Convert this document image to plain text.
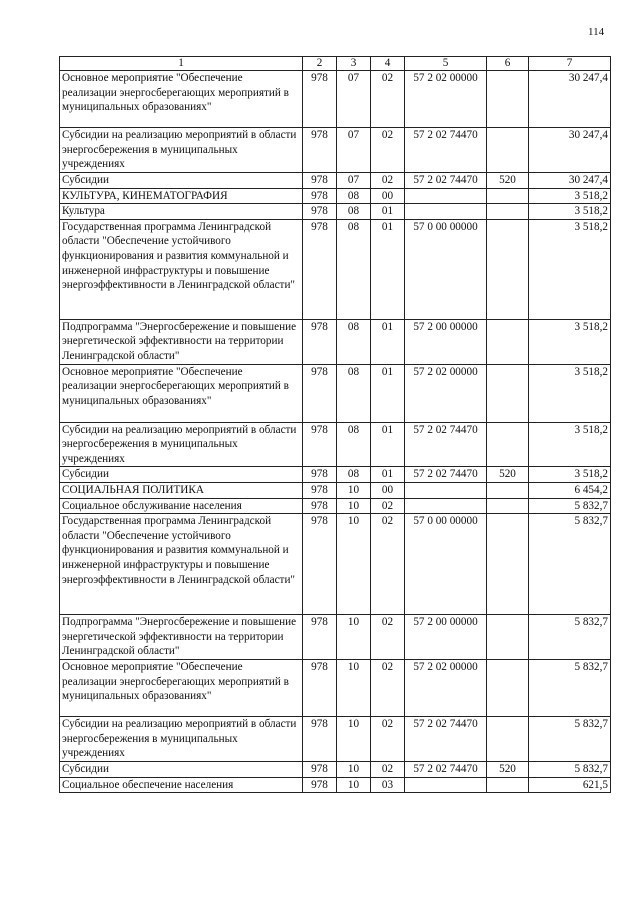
114
1	2	3	4	5	6	7
Основное мероприятие "Обеспечение реализации энергосберегающих мероприятий в муниципальных образованиях"	978	07	02	57 2 02 00000		30 247,4
Субсидии на реализацию мероприятий в области энергосбережения в муниципальных учреждениях	978	07	02	57 2 02 74470		30 247,4
Субсидии	978	07	02	57 2 02 74470	520	30 247,4
КУЛЬТУРА, КИНЕМАТОГРАФИЯ	978	08	00			3 518,2
Культура	978	08	01			3 518,2
Государственная программа Ленинградской области "Обеспечение устойчивого функционирования и развития коммунальной и инженерной инфраструктуры и повышение энергоэффективности в Ленинградской области"	978	08	01	57 0 00 00000		3 518,2
Подпрограмма "Энергосбережение и повышение энергетической эффективности на территории Ленинградской области"	978	08	01	57 2 00 00000		3 518,2
Основное мероприятие "Обеспечение реализации энергосберегающих мероприятий в муниципальных образованиях"	978	08	01	57 2 02 00000		3 518,2
Субсидии на реализацию мероприятий в области энергосбережения в муниципальных учреждениях	978	08	01	57 2 02 74470		3 518,2
Субсидии	978	08	01	57 2 02 74470	520	3 518,2
СОЦИАЛЬНАЯ ПОЛИТИКА	978	10	00			6 454,2
Социальное обслуживание населения	978	10	02			5 832,7
Государственная программа Ленинградской области "Обеспечение устойчивого функционирования и развития коммунальной и инженерной инфраструктуры и повышение энергоэффективности в Ленинградской области"	978	10	02	57 0 00 00000		5 832,7
Подпрограмма "Энергосбережение и повышение энергетической эффективности на территории Ленинградской области"	978	10	02	57 2 00 00000		5 832,7
Основное мероприятие "Обеспечение реализации энергосберегающих мероприятий в муниципальных образованиях"	978	10	02	57 2 02 00000		5 832,7
Субсидии на реализацию мероприятий в области энергосбережения в муниципальных учреждениях	978	10	02	57 2 02 74470		5 832,7
Субсидии	978	10	02	57 2 02 74470	520	5 832,7
Социальное обеспечение населения	978	10	03			621,5
